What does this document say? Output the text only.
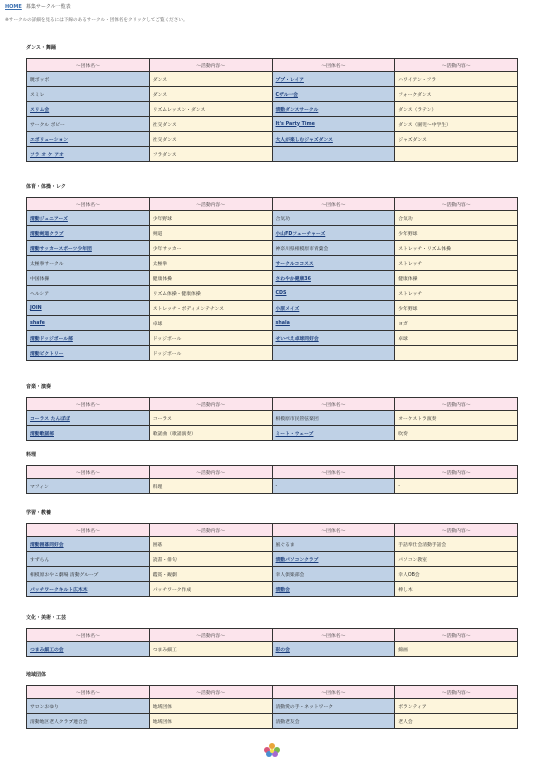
HOME 募集サークル一覧表
※サークルの詳細を見るには下線のあるサークル・団体名をクリックしてご覧ください。
ダンス・舞踊
～団体名～	～活動内容～	～団体名～	～活動内容～
暁ボッボ	ダンス	ププ・レイア	ハワイアン・フラ
スミレ	ダンス	Cザル一会	フォークダンス
スリム会	リズムレッスン・ダンス	清動ダンスサークル	ダンス（ラテン）
サークル ポピー	社交ダンス	It's Party Time	ダンス（園児～中学生）
エボリューション	社交ダンス	大人が楽しむジャズダンス	ジャズダンス
フラ オ ケ アオ	フラダンス		
体育・体操・レク
～団体名～	～活動内容～	～団体名～	～活動内容～
清動ジュニアーズ	少年野球	合気功	合気功
清動剣道クラブ	剣道	小山FDフューチャーズ	少年野球
清動サッカースポーツ少年団	少年サッカー	神奈川県相模原市青葉会	ストレッチ・リズム体操
太極拳サークル	太極拳	サークルココスス	ストレッチ
中国体操	健康体操	さわやか健康36	健康体操
ヘルシア	リズム体操・健康体操	CDS	ストレッチ
JOIN	ストレッチ・ボディメンテナンス	小原メイズ	少年野球
shafe	卓球	shala	ヨガ
清動ドッジボール部	ドッジボール	せいべえ卓球同好会	卓球
清動ビクトリー	ドッジボール		
音楽・演奏
～団体名～	～活動内容～	～団体名～	～活動内容～
コーラス たんぽぽ	コーラス	相模原市民管弦楽団	オーケストラ演奏
清動歌謡部	歌謡曲（歌謡演奏）	ミート・ウェーブ	吹奏
料理
～団体名～	～活動内容～	～団体名～	～活動内容～
マフィン	料理	-	-
学習・教養
～団体名～	～活動内容～	～団体名～	～活動内容～
清動囲碁同好会	囲碁	風ぐるま	手話奉仕会清動手話会
すずらん	読書・俳句	清動パソコンクラブ	パソコン教室
相模原おやこ劇場 清動グループ	鑑賞・観劇	幸人倶楽部会	幸人OB会
パッチワークキルト広木木	パッチワーク作成	清動会	棒し木
文化・美術・工芸
～団体名～	～活動内容～	～団体名～	～活動内容～
つまみ細工の会	つまみ細工	彩の会	綿画
地域団体
～団体名～	～活動内容～	～団体名～	～活動内容～
サロンおゆり	地域団体	清動愛の手・ネットワーク	ボランティア
清動地区老人クラブ連合会	地域団体	清動老友会	老人会
